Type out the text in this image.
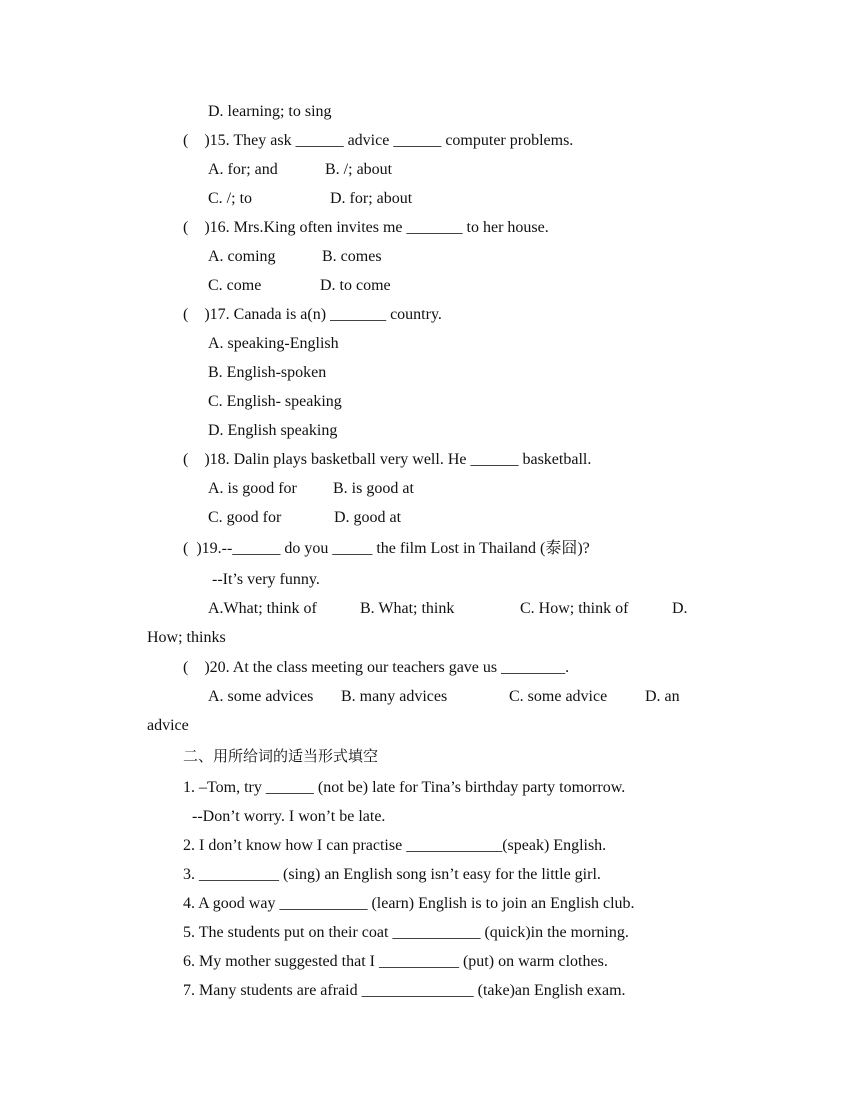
D. learning; to sing
(    )15. They ask ______ advice ______ computer problems.
A. for; and	B. /; about
C. /; to	D. for; about
(    )16. Mrs.King often invites me _______ to her house.
A. coming	B. comes
C. come	D. to come
(    )17. Canada is a(n) _______ country.
A. speaking-English
B. English-spoken
C. English- speaking
D. English speaking
(    )18. Dalin plays basketball very well. He ______ basketball.
A. is good for B. is good at
C. good for	D. good at
(  )19.--______ do you _____ the film Lost in Thailand (泰囧)?
--It’s very funny.
A.What; think of	B. What; think	C. How; think of	D.
How; thinks
(    )20. At the class meeting our teachers gave us ________.
A. some advices B. many advices	C. some advice D. an
advice
二、用所给词的适当形式填空
1. –Tom, try ______ (not be) late for Tina’s birthday party tomorrow.
--Don’t worry. I won’t be late.
2. I don’t know how I can practise ____________(speak) English.
3. __________ (sing) an English song isn’t easy for the little girl.
4. A good way ___________ (learn) English is to join an English club.
5. The students put on their coat ___________ (quick)in the morning.
6. My mother suggested that I __________ (put) on warm clothes.
7. Many students are afraid ______________ (take)an English exam.
